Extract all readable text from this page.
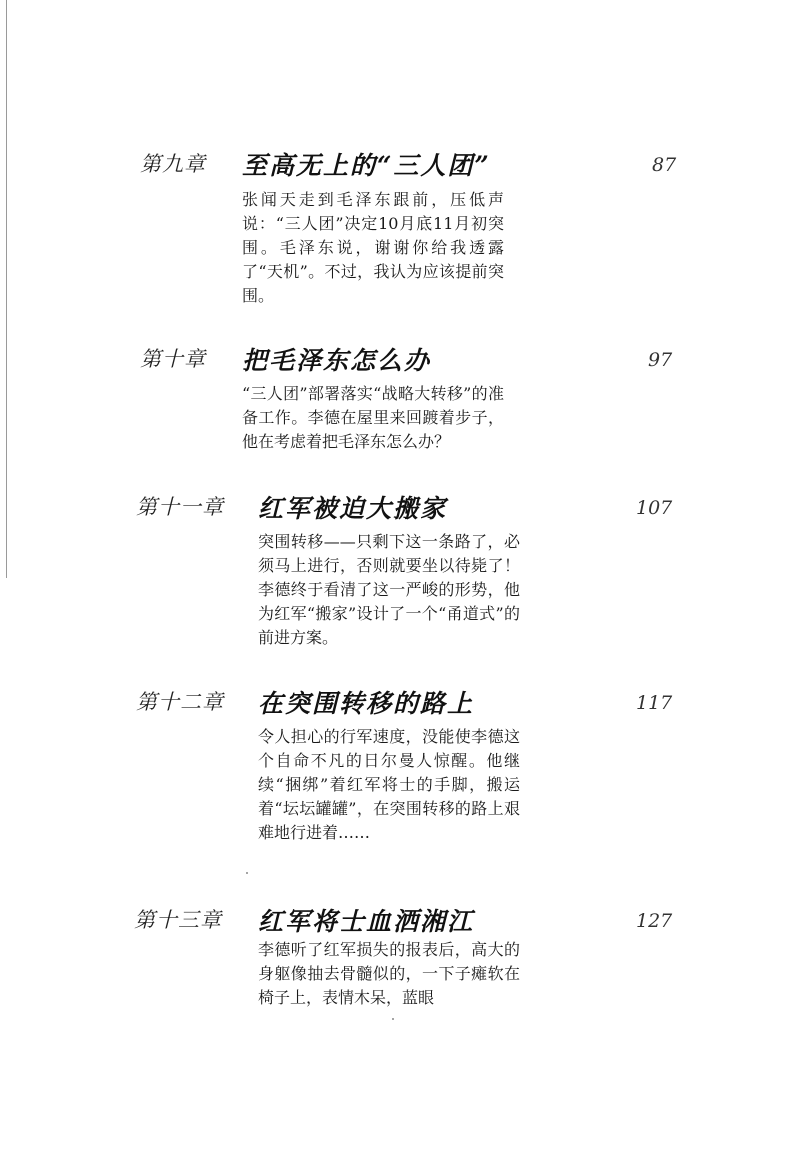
第九章 至高无上的“三人团”	87
张闻天走到毛泽东跟前，压低声说：“三人团”决定10月底11月初突围。毛泽东说，谢谢你给我透露了“天机”。不过，我认为应该提前突围。
第十章 把毛泽东怎么办	97
“三人团”部署落实“战略大转移”的准备工作。李德在屋里来回踱着步子，他在考虑着把毛泽东怎么办？
第十一章 红军被迫大搬家	107
突围转移——只剩下这一条路了，必须马上进行，否则就要坐以待毙了！李德终于看清了这一严峻的形势，他为红军“搬家”设计了一个“甬道式”的前进方案。
第十二章 在突围转移的路上	117
令人担心的行军速度，没能使李德这个自命不凡的日尔曼人惊醒。他继续“捆绑”着红军将士的手脚，搬运着“坛坛罐罐”，在突围转移的路上艰难地行进着……
第十三章 红军将士血洒湘江	127
李德听了红军损失的报表后，高大的身躯像抽去骨髓似的，一下子瘫软在椅子上，表情木呆，蓝眼
